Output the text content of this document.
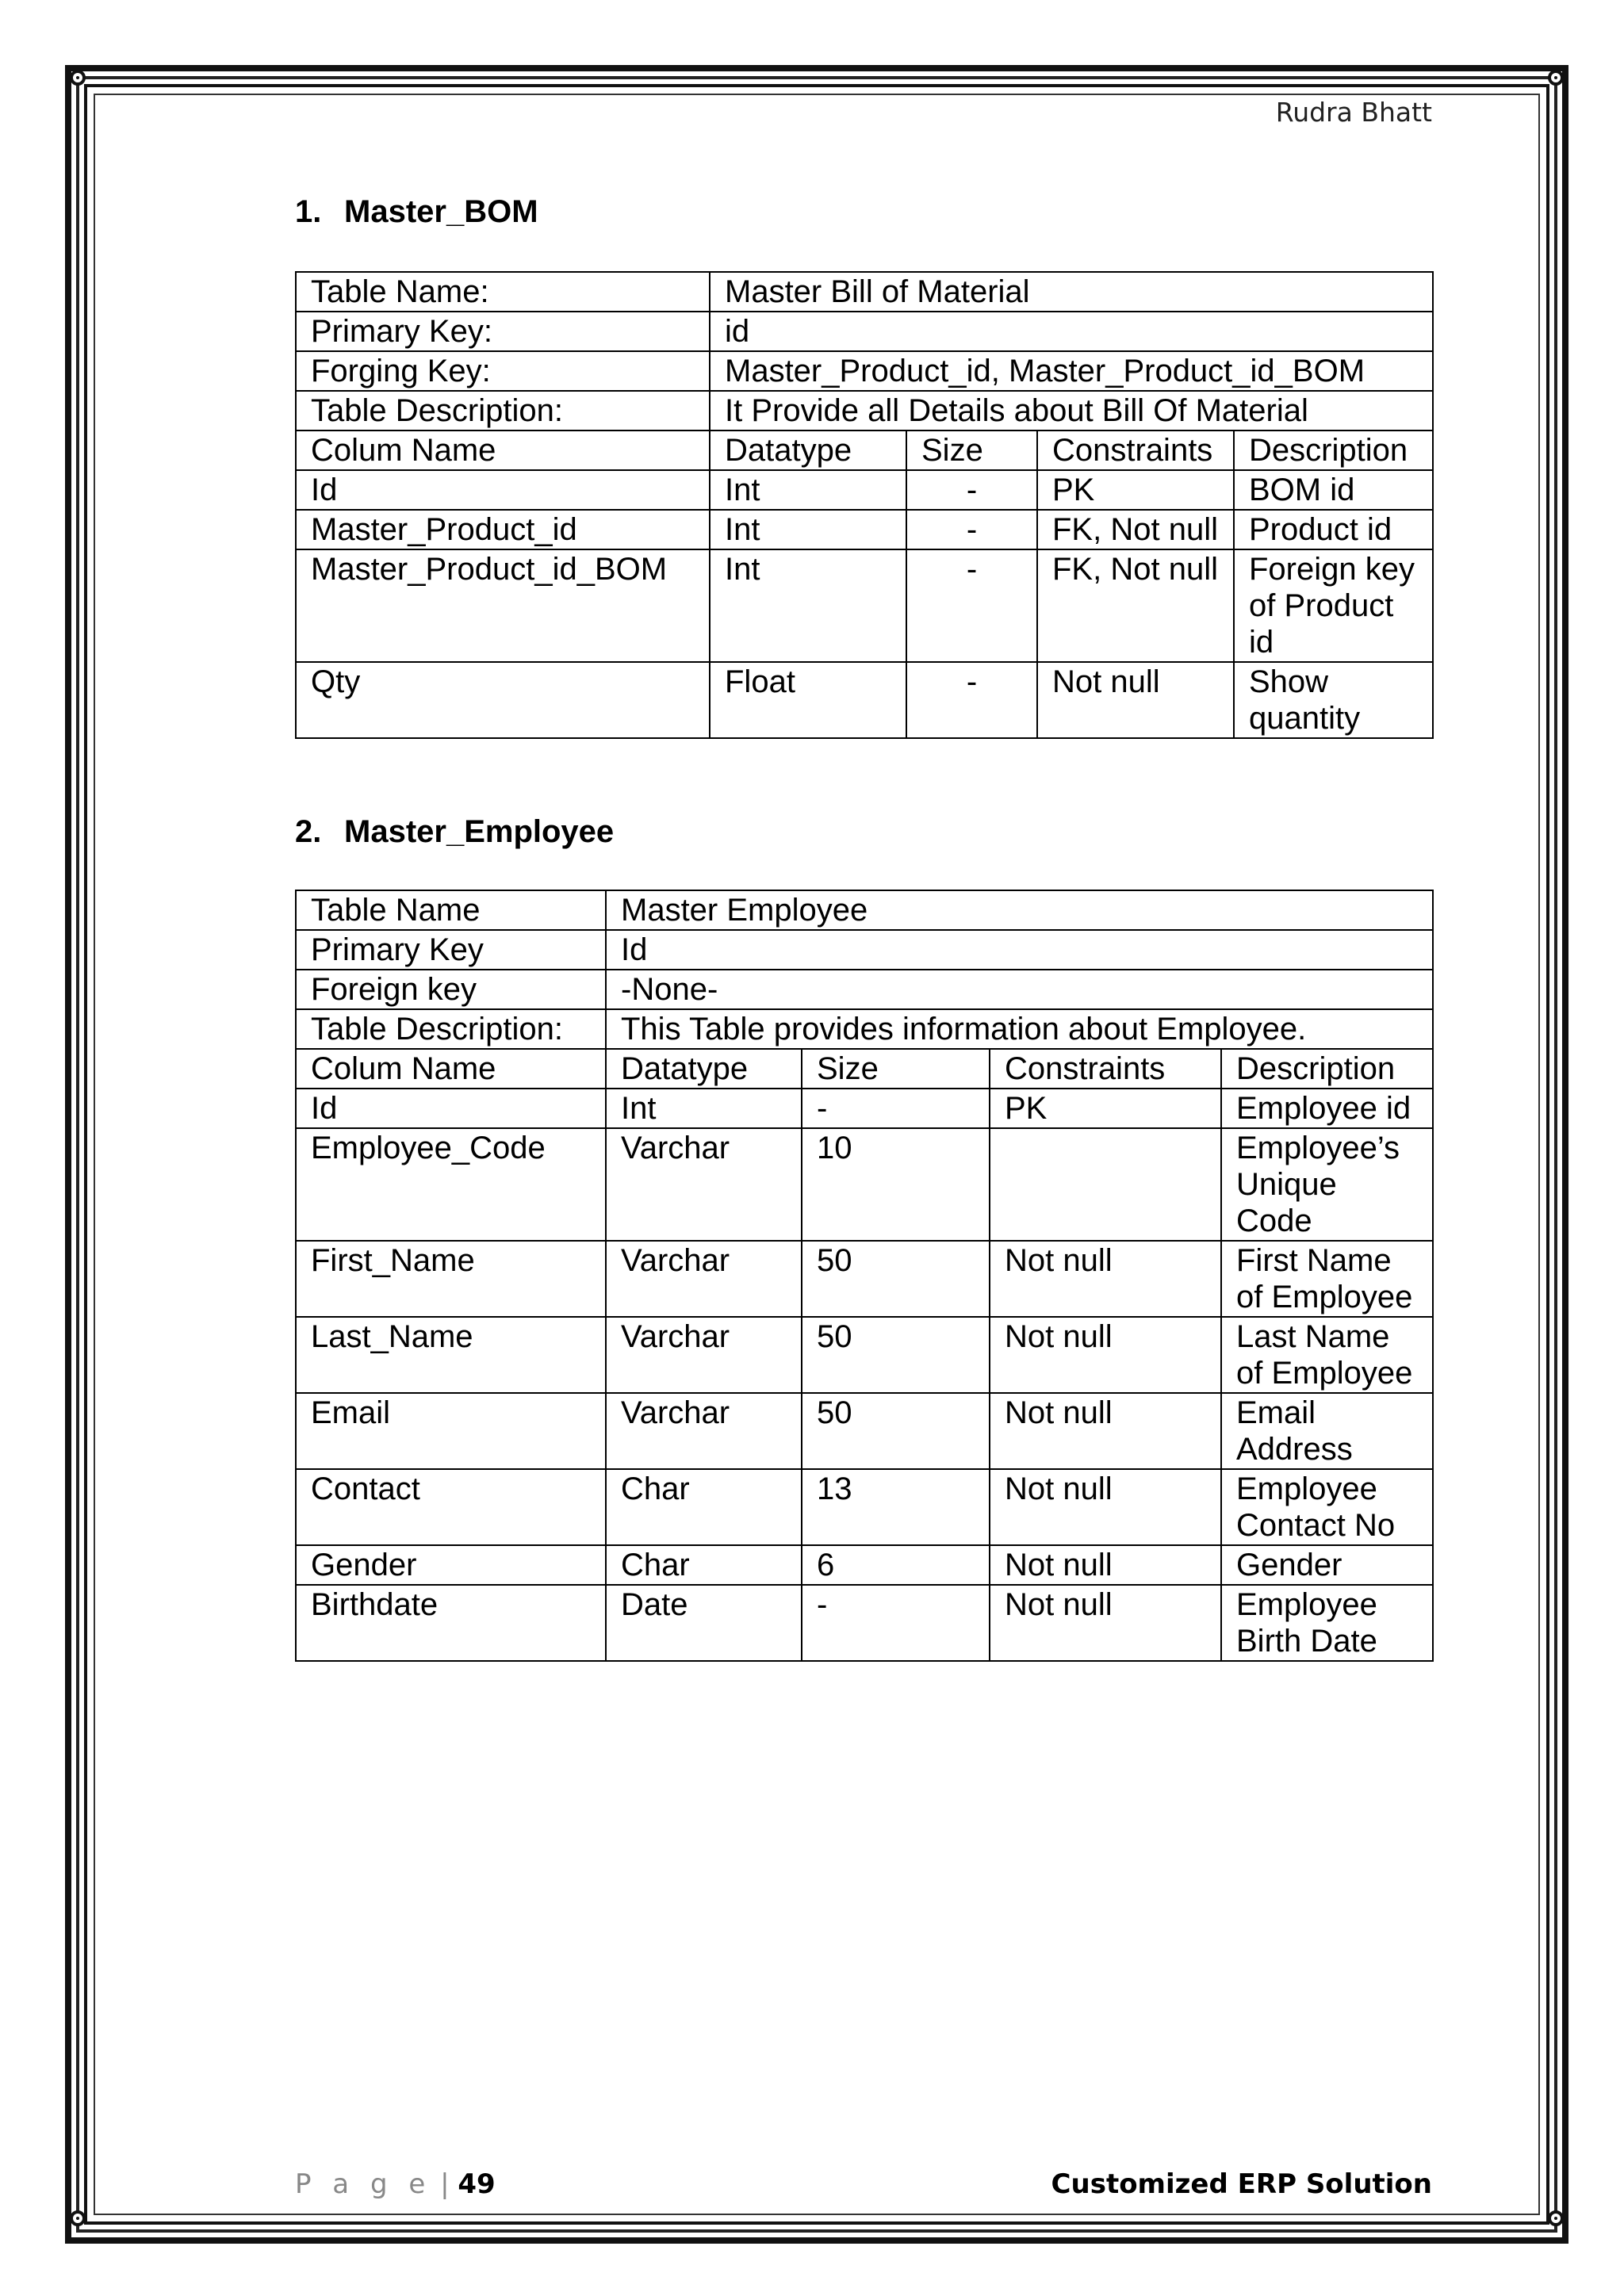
Rudra Bhatt
1. Master_BOM
Table Name:	Master Bill of Material			
Primary Key:	id			
Forging Key:	Master_Product_id, Master_Product_id_BOM			
Table Description:	It Provide all Details about Bill Of Material			
Colum Name	Datatype	Size	Constraints	Description
Id	Int	-	PK	BOM id
Master_Product_id	Int	-	FK, Not null	Product id
Master_Product_id_BOM	Int	-	FK, Not null	Foreign key of Product id
Qty	Float	-	Not null	Show quantity
2. Master_Employee
Table Name	Master Employee			
Primary Key	Id			
Foreign key	-None-			
Table Description:	This Table provides information about Employee.			
Colum Name	Datatype	Size	Constraints	Description
Id	Int	-	PK	Employee id
Employee_Code	Varchar	10		Employee’s Unique Code
First_Name	Varchar	50	Not null	First Name of Employee
Last_Name	Varchar	50	Not null	Last Name of Employee
Email	Varchar	50	Not null	Email Address
Contact	Char	13	Not null	Employee Contact No
Gender	Char	6	Not null	Gender
Birthdate	Date	-	Not null	Employee Birth Date
P a g e | 49	Customized ERP Solution
